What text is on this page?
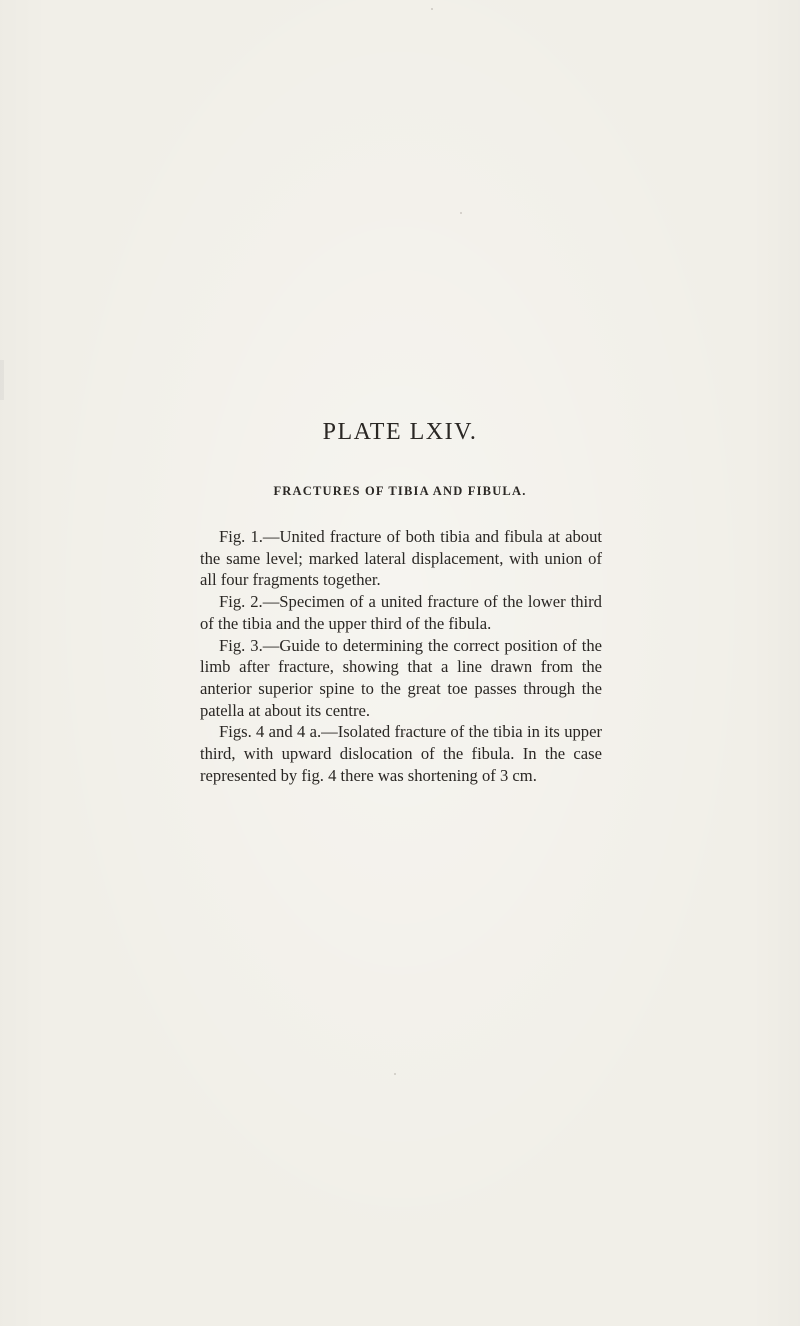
PLATE LXIV.
FRACTURES OF TIBIA AND FIBULA.
Fig. 1.—United fracture of both tibia and fibula at about the same level; marked lateral displacement, with union of all four fragments together.
Fig. 2.—Specimen of a united fracture of the lower third of the tibia and the upper third of the fibula.
Fig. 3.—Guide to determining the correct position of the limb after fracture, showing that a line drawn from the anterior superior spine to the great toe passes through the patella at about its centre.
Figs. 4 and 4 a.—Isolated fracture of the tibia in its upper third, with upward dislocation of the fibula. In the case represented by fig. 4 there was shortening of 3 cm.
